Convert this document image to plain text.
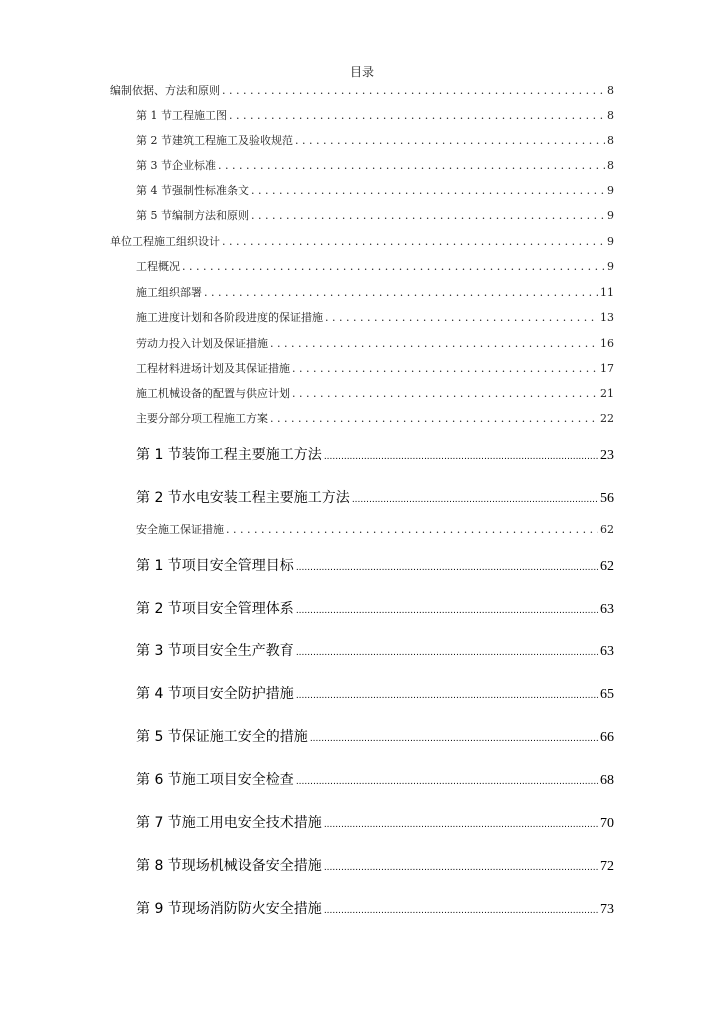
目录
编制依据、方法和原则 . . .	8
第 1 节工程施工图 . . .	8
第 2 节建筑工程施工及验收规范 . . .	8
第 3 节企业标准 . . .	8
第 4 节强制性标准条文 . . .	9
第 5 节编制方法和原则 . . .	9
单位工程施工组织设计 . . .	9
工程概况 . . .	9
施工组织部署 . . .	11
施工进度计划和各阶段进度的保证措施 . . .	13
劳动力投入计划及保证措施 . . .	16
工程材料进场计划及其保证措施 . . .	17
施工机械设备的配置与供应计划 . . .	21
主要分部分项工程施工方案 . . .	22
第 1 节装饰工程主要施工方法 .....	23
第 2 节水电安装工程主要施工方法 .....	56
安全施工保证措施 . . .	62
第 1 节项目安全管理目标 .....	62
第 2 节项目安全管理体系 .....	63
第 3 节项目安全生产教育 .....	63
第 4 节项目安全防护措施 .....	65
第 5 节保证施工安全的措施 .....	66
第 6 节施工项目安全检查 .....	68
第 7 节施工用电安全技术措施 .....	70
第 8 节现场机械设备安全措施 .....	72
第 9 节现场消防防火安全措施 .....	73
